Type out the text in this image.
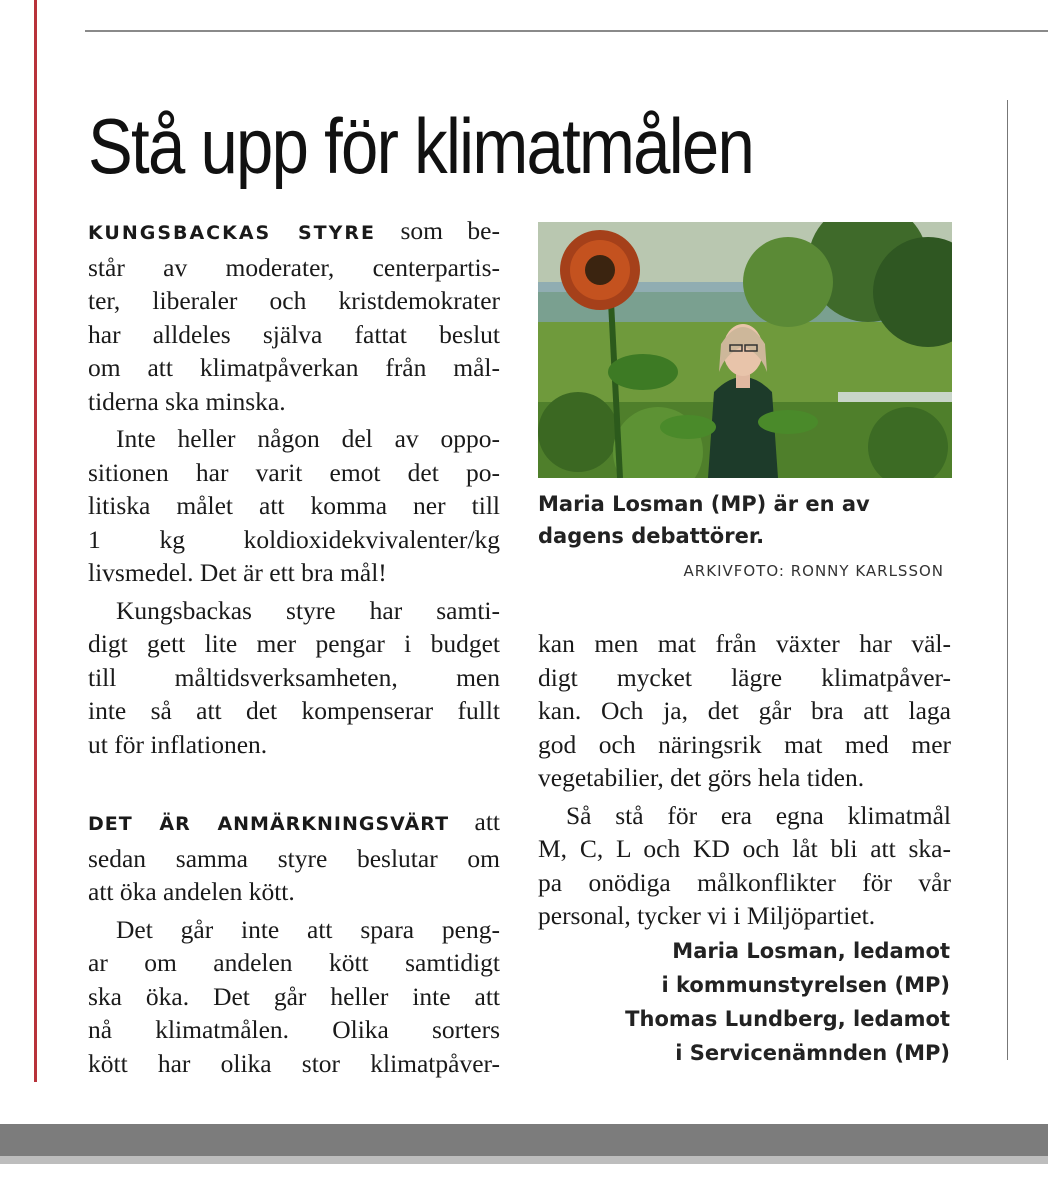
Stå upp för klimatmålen

KUNGSBACKAS STYRE som be-
står av moderater, centerpartis-
ter, liberaler och kristdemokrater
har alldeles själva fattat beslut
om att klimatpåverkan från mål-
tiderna ska minska.

Inte heller någon del av oppo-
sitionen har varit emot det po-
litiska målet att komma ner till
1 kg koldioxidekvivalenter/kg
livsmedel. Det är ett bra mål!

Kungsbackas styre har samti-
digt gett lite mer pengar i budget
till måltidsverksamheten, men
inte så att det kompenserar fullt
ut för inflationen.

DET ÄR ANMÄRKNINGSVÄRT att
sedan samma styre beslutar om
att öka andelen kött.

Det går inte att spara peng-
ar om andelen kött samtidigt
ska öka. Det går heller inte att
nå klimatmålen. Olika sorters
kött har olika stor klimatpåver-

Maria Losman (MP) är en av
dagens debattörer.
ARKIVFOTO: RONNY KARLSSON

kan men mat från växter har väl-
digt mycket lägre klimatpåver-
kan. Och ja, det går bra att laga
god och näringsrik mat med mer
vegetabilier, det görs hela tiden.

Så stå för era egna klimatmål
M, C, L och KD och låt bli att ska-
pa onödiga målkonflikter för vår
personal, tycker vi i Miljöpartiet.

Maria Losman, ledamot
i kommunstyrelsen (MP)
Thomas Lundberg, ledamot
i Servicenämnden (MP)
